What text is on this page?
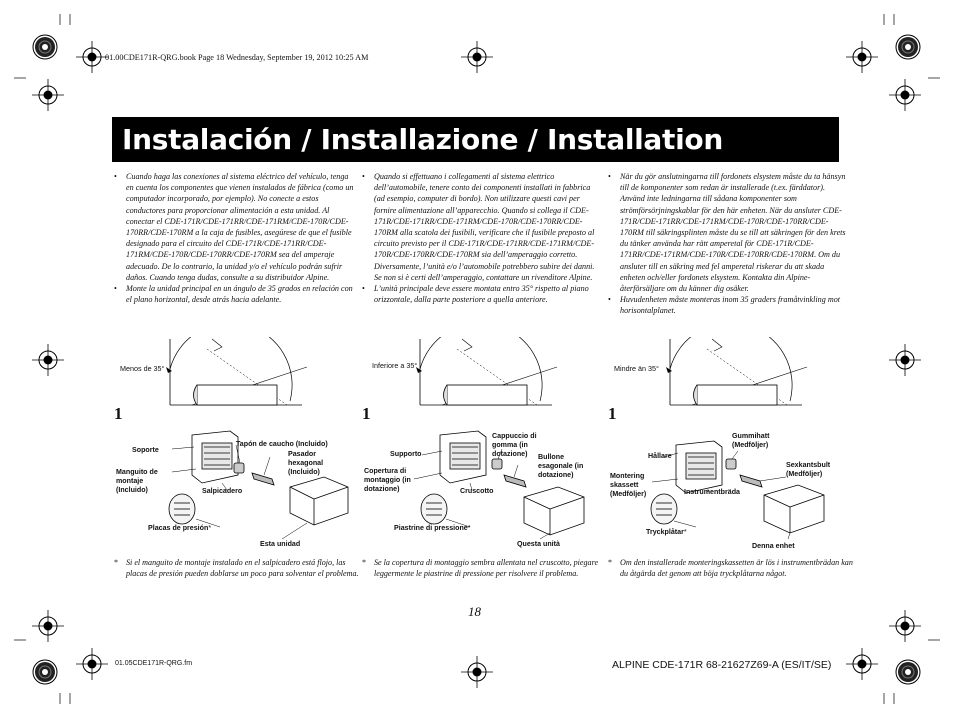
01.00CDE171R-QRG.book Page 18 Wednesday, September 19, 2012 10:25 AM
Instalación / Installazione / Installation
• Cuando haga las conexiones al sistema eléctrico del vehículo, tenga en cuenta los componentes que vienen instalados de fábrica (como un computador incorporado, por ejemplo). No conecte a estos conductores para proporcionar alimentación a esta unidad. Al conectar el CDE-171R/CDE-171RR/CDE-171RM/CDE-170R/CDE-170RR/CDE-170RM a la caja de fusibles, asegúrese de que el fusible designado para el circuito del CDE-171R/CDE-171RR/CDE-171RM/CDE-170R/CDE-170RR/CDE-170RM sea del amperaje adecuado. De lo contrario, la unidad y/o el vehículo podrán sufrir daños. Cuando tenga dudas, consulte a su distribuidor Alpine.
• Monte la unidad principal en un ángulo de 35 grados en relación con el plano horizontal, desde atrás hacia adelante.
• Quando si effettuano i collegamenti al sistema elettrico dell’automobile, tenere conto dei componenti installati in fabbrica (ad esempio, computer di bordo). Non utilizzare questi cavi per fornire alimentazione all’apparecchio. Quando si collega il CDE-171R/CDE-171RR/CDE-171RM/CDE-170R/CDE-170RR/CDE-170RM alla scatola dei fusibili, verificare che il fusibile preposto al circuito previsto per il CDE-171R/CDE-171RR/CDE-171RM/CDE-170R/CDE-170RR/CDE-170RM sia dell’amperaggio corretto. Diversamente, l’unità e/o l’automobile potrebbero subire dei danni. Se non si è certi dell’amperaggio, contattare un rivenditore Alpine.
• L’unità principale deve essere montata entro 35° rispetto al piano orizzontale, dalla parte posteriore a quella anteriore.
• När du gör anslutningarna till fordonets elsystem måste du ta hänsyn till de komponenter som redan är installerade (t.ex. färddator). Använd inte ledningarna till sådana komponenter som strömförsörjningskablar för den här enheten. När du ansluter CDE-171R/CDE-171RR/CDE-171RM/CDE-170R/CDE-170RR/CDE-170RM till säkringsplinten måste du se till att säkringen för den krets du tänker använda har rätt amperetal för CDE-171R/CDE-171RR/CDE-171RM/CDE-170R/CDE-170RR/CDE-170RM. Om du ansluter till en säkring med fel amperetal riskerar du att skada enheten och/eller fordonets elsystem. Kontakta din Alpine-återförsäljare om du känner dig osäker.
• Huvudenheten måste monteras inom 35 graders framåtvinkling mot horisontalplanet.
Menos de 35°	Inferiore a 35°	Mindre än 35°
1	1	1
Soporte
Manguito de montaje (Incluido)
Tapón de caucho (Incluido)
Pasador hexagonal (Incluido)
Salpicadero
Placas de presión*
Esta unidad
Supporto
Copertura di montaggio (in dotazione)
Cappuccio di gomma (in dotazione)	Bullone esagonale (in dotazione)
Cruscotto
Piastrine di pressione*
Questa unità
Hållare
Montering skassett (Medföljer)
Gummihatt (Medföljer)
Sexkantsbult (Medföljer)
Instrumentbräda
Tryckplåtar*
Denna enhet
* Si el manguito de montaje instalado en el salpicadero está flojo, las placas de presión pueden doblarse un poco para solventar el problema.
* Se la copertura di montaggio sembra allentata nel cruscotto, piegare leggermente le piastrine di pressione per risolvere il problema.
* Om den installerade monteringskassetten är lös i instrumentbrädan kan du åtgärda det genom att böja tryckplåtarna något.
18
01.05CDE171R-QRG.fm	ALPINE CDE-171R 68-21627Z69-A (ES/IT/SE)
